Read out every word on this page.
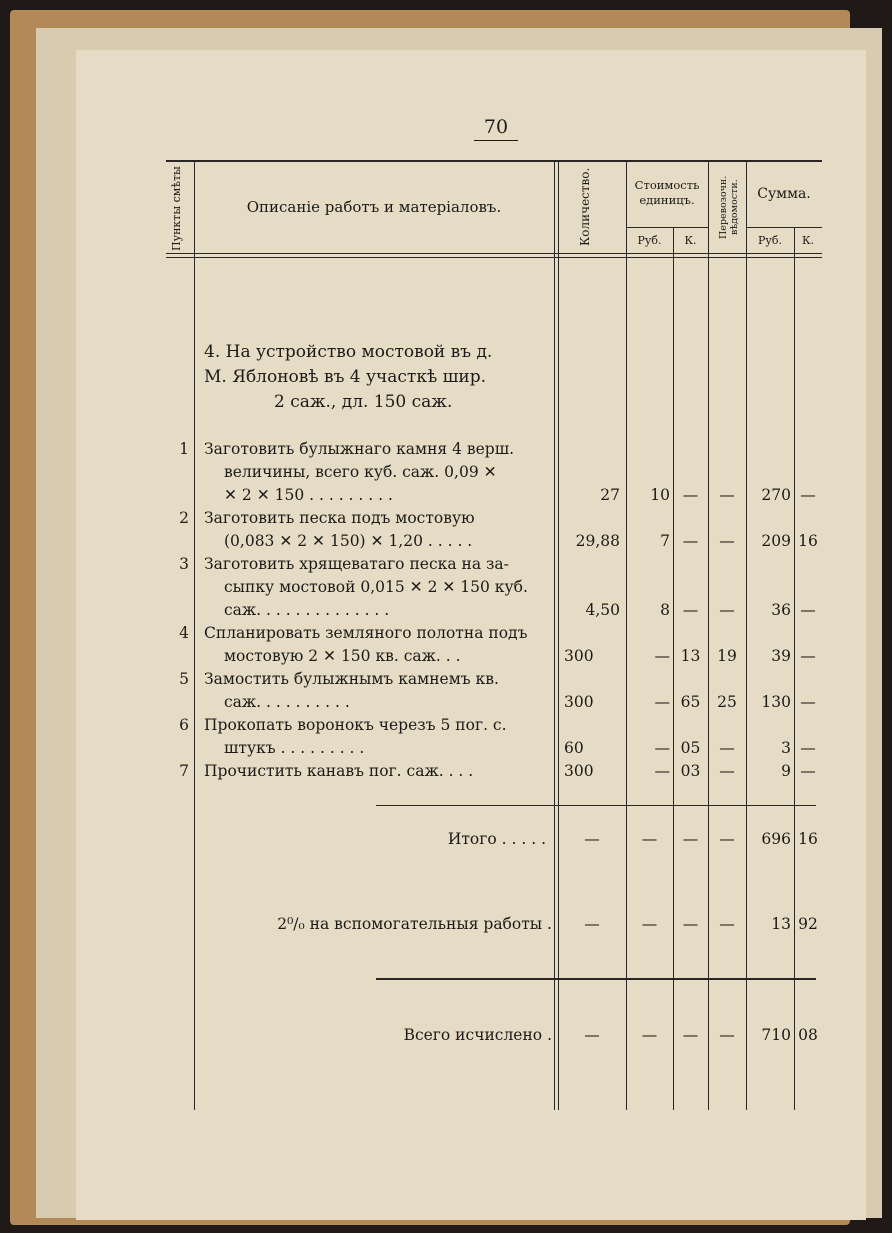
70
Пункты смѣты	Описаніе работъ и матеріаловъ.	Количество.	Стоимость единицъ.
Руб.	К.
Перевозочн. вѣдомости.	Сумма.
Руб.	К.
4. На устройство мостовой въ д.
М. Яблоновѣ въ 4 участкѣ шир.
2 саж., дл. 150 саж.
1 Заготовить булыжнаго камня 4 верш.
величины, всего куб. саж. 0,09 ✕
✕ 2 ✕ 150 . . . . . . . . .	27	10 —	—	270 —
2 Заготовить песка подъ мостовую
(0,083 ✕ 2 ✕ 150) ✕ 1,20 . . . . .	29,88	7 —	—	209 16
3 Заготовить хрящеватаго песка на за-
сыпку мостовой 0,015 ✕ 2 ✕ 150 куб.
саж. . . . . . . . . . . . . .	4,50	8 —	—	36 —
4 Спланировать земляного полотна подъ
мостовую 2 ✕ 150 кв. саж. . .	300	— 13	19	39 —
5 Замостить булыжнымъ камнемъ кв.
саж. . . . . . . . . .	300	— 65	25	130 —
6 Прокопать воронокъ черезъ 5 пог. с.
штукъ . . . . . . . . .	60	— 05	—	3 —
7 Прочистить канавъ пог. саж. . . .	300	— 03	—	9 —
Итого . . . . .	—	—	—	—	696 16
2⁰/₀ на вспомогательныя работы .	—	—	—	—	13 92
Всего исчислено .	—	—	—	—	710 08
